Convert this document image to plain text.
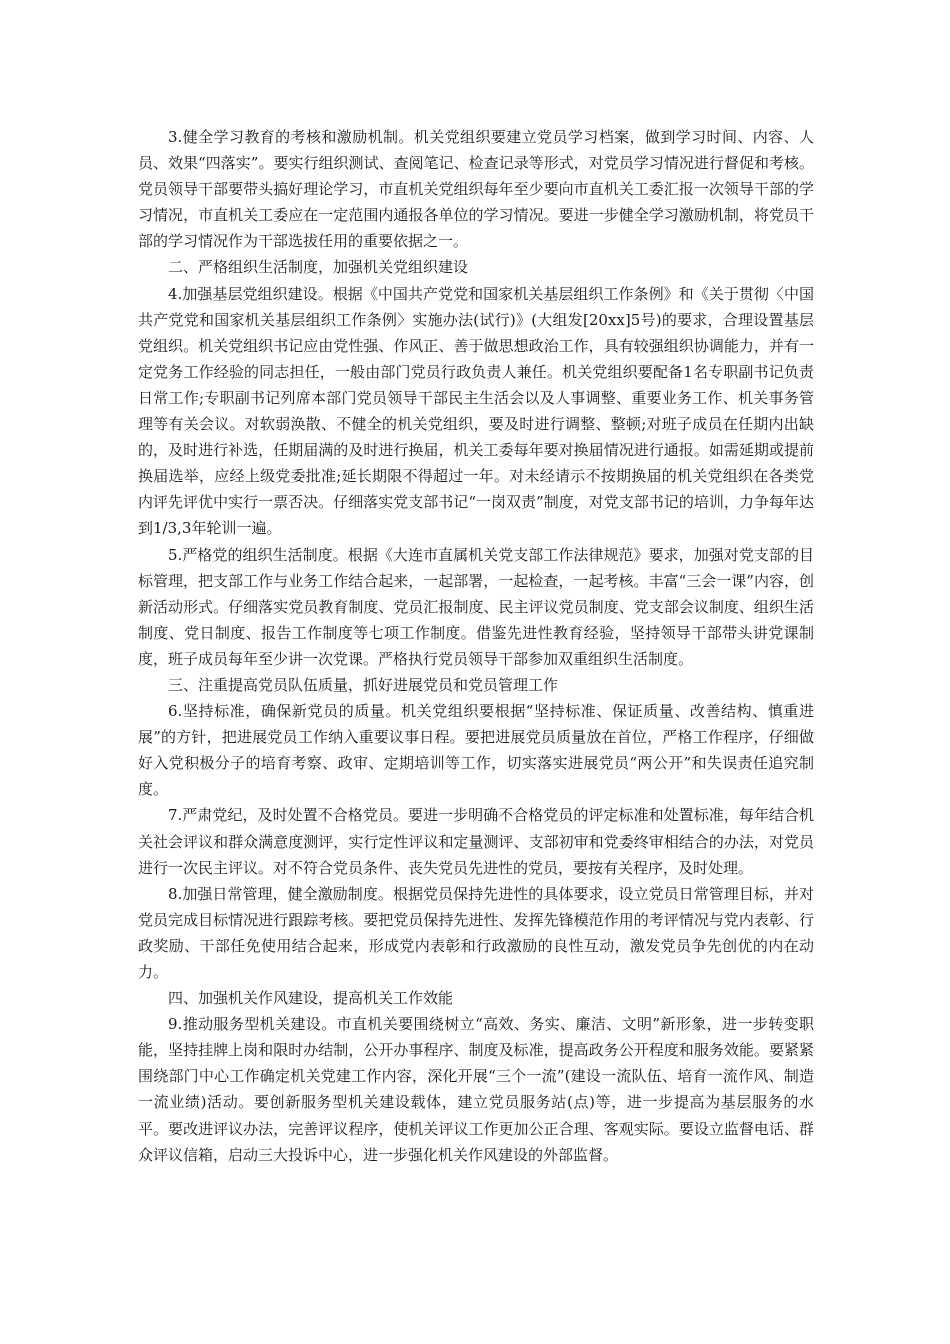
3.健全学习教育的考核和激励机制。机关党组织要建立党员学习档案，做到学习时间、内容、人员、效果“四落实”。要实行组织测试、查阅笔记、检查记录等形式，对党员学习情况进行督促和考核。党员领导干部要带头搞好理论学习，市直机关党组织每年至少要向市直机关工委汇报一次领导干部的学习情况，市直机关工委应在一定范围内通报各单位的学习情况。要进一步健全学习激励机制，将党员干部的学习情况作为干部选拔任用的重要依据之一。

二、严格组织生活制度，加强机关党组织建设

4.加强基层党组织建设。根据《中国共产党党和国家机关基层组织工作条例》和《关于贯彻〈中国共产党党和国家机关基层组织工作条例〉实施办法(试行)》(大组发[20xx]5号)的要求，合理设置基层党组织。机关党组织书记应由党性强、作风正、善于做思想政治工作，具有较强组织协调能力，并有一定党务工作经验的同志担任，一般由部门党员行政负责人兼任。机关党组织要配备1名专职副书记负责日常工作;专职副书记列席本部门党员领导干部民主生活会以及人事调整、重要业务工作、机关事务管理等有关会议。对软弱涣散、不健全的机关党组织，要及时进行调整、整顿;对班子成员在任期内出缺的，及时进行补选，任期届满的及时进行换届，机关工委每年要对换届情况进行通报。如需延期或提前换届选举，应经上级党委批准;延长期限不得超过一年。对未经请示不按期换届的机关党组织在各类党内评先评优中实行一票否决。仔细落实党支部书记“一岗双责”制度，对党支部书记的培训，力争每年达到1/3,3年轮训一遍。

5.严格党的组织生活制度。根据《大连市直属机关党支部工作法律规范》要求，加强对党支部的目标管理，把支部工作与业务工作结合起来，一起部署，一起检查，一起考核。丰富“三会一课”内容，创新活动形式。仔细落实党员教育制度、党员汇报制度、民主评议党员制度、党支部会议制度、组织生活制度、党日制度、报告工作制度等七项工作制度。借鉴先进性教育经验，坚持领导干部带头讲党课制度，班子成员每年至少讲一次党课。严格执行党员领导干部参加双重组织生活制度。

三、注重提高党员队伍质量，抓好进展党员和党员管理工作

6.坚持标准，确保新党员的质量。机关党组织要根据“坚持标准、保证质量、改善结构、慎重进展”的方针，把进展党员工作纳入重要议事日程。要把进展党员质量放在首位，严格工作程序，仔细做好入党积极分子的培育考察、政审、定期培训等工作，切实落实进展党员“两公开”和失误责任追究制度。

7.严肃党纪，及时处置不合格党员。要进一步明确不合格党员的评定标准和处置标准，每年结合机关社会评议和群众满意度测评，实行定性评议和定量测评、支部初审和党委终审相结合的办法，对党员进行一次民主评议。对不符合党员条件、丧失党员先进性的党员，要按有关程序，及时处理。

8.加强日常管理，健全激励制度。根据党员保持先进性的具体要求，设立党员日常管理目标，并对党员完成目标情况进行跟踪考核。要把党员保持先进性、发挥先锋模范作用的考评情况与党内表彰、行政奖励、干部任免使用结合起来，形成党内表彰和行政激励的良性互动，激发党员争先创优的内在动力。

四、加强机关作风建设，提高机关工作效能

9.推动服务型机关建设。市直机关要围绕树立“高效、务实、廉洁、文明”新形象，进一步转变职能，坚持挂牌上岗和限时办结制，公开办事程序、制度及标准，提高政务公开程度和服务效能。要紧紧围绕部门中心工作确定机关党建工作内容，深化开展“三个一流”(建设一流队伍、培育一流作风、制造一流业绩)活动。要创新服务型机关建设载体，建立党员服务站(点)等，进一步提高为基层服务的水平。要改进评议办法，完善评议程序，使机关评议工作更加公正合理、客观实际。要设立监督电话、群众评议信箱，启动三大投诉中心，进一步强化机关作风建设的外部监督。
